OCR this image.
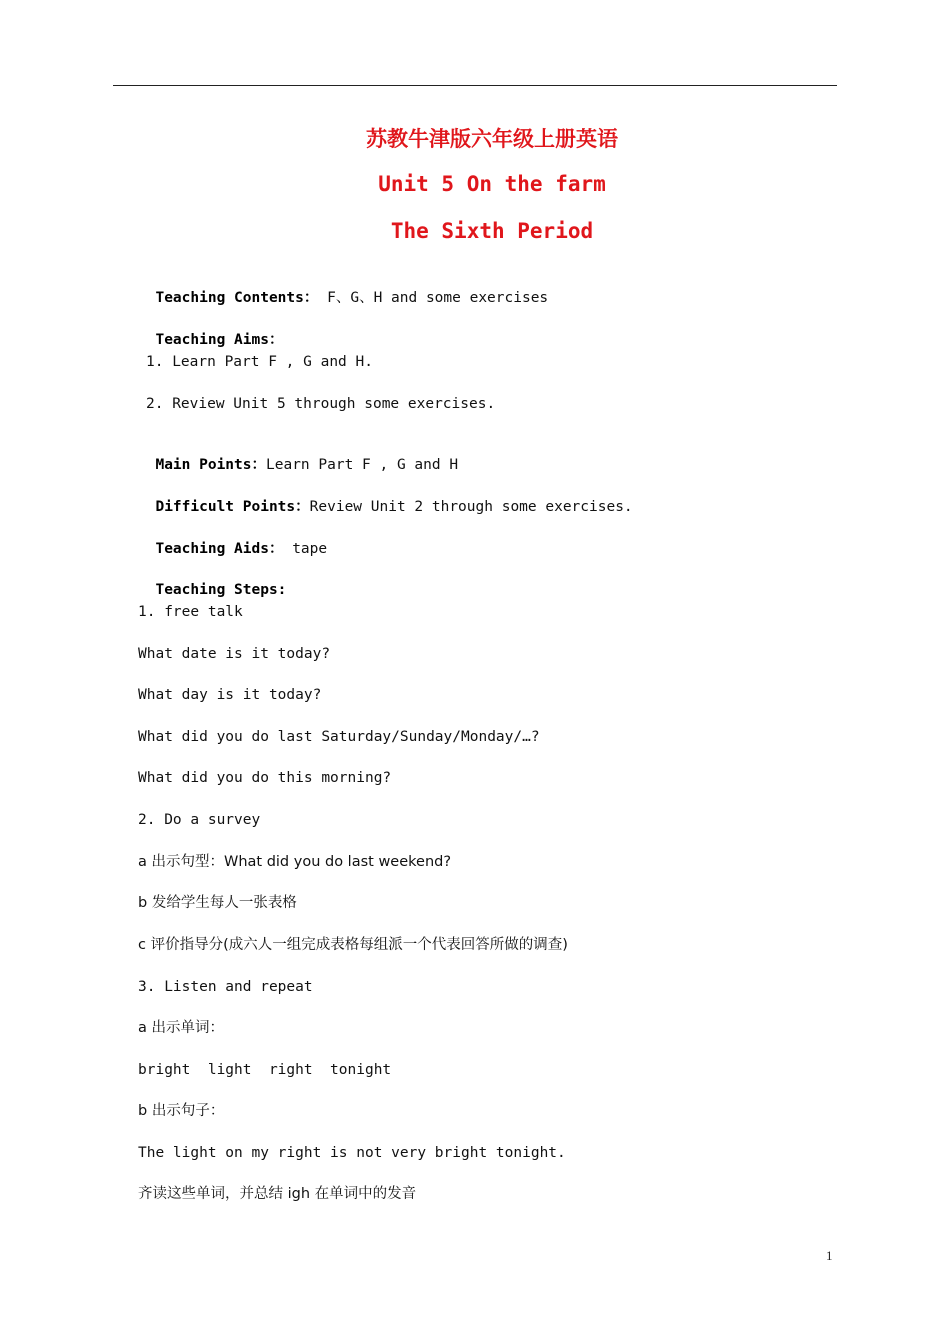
苏教牛津版六年级上册英语
Unit 5 On the farm
The Sixth Period

Teaching Contents： F、G、H and some exercises

Teaching Aims：

1. Learn Part F , G and H.
2. Review Unit 5 through some exercises.

Main Points：Learn Part F , G and H

Difficult Points：Review Unit 2 through some exercises.

Teaching Aids： tape

Teaching Steps:

1. free talk
What date is it today?
What day is it today?
What did you do last Saturday/Sunday/Monday/…?
What did you do this morning?
2. Do a survey
a 出示句型：What did you do last weekend?
b 发给学生每人一张表格
c 评价指导分(成六人一组完成表格每组派一个代表回答所做的调查)
3. Listen and repeat
a 出示单词：
bright  light  right  tonight
b 出示句子：
The light on my right is not very bright tonight.
齐读这些单词，并总结 igh 在单词中的发音
1
